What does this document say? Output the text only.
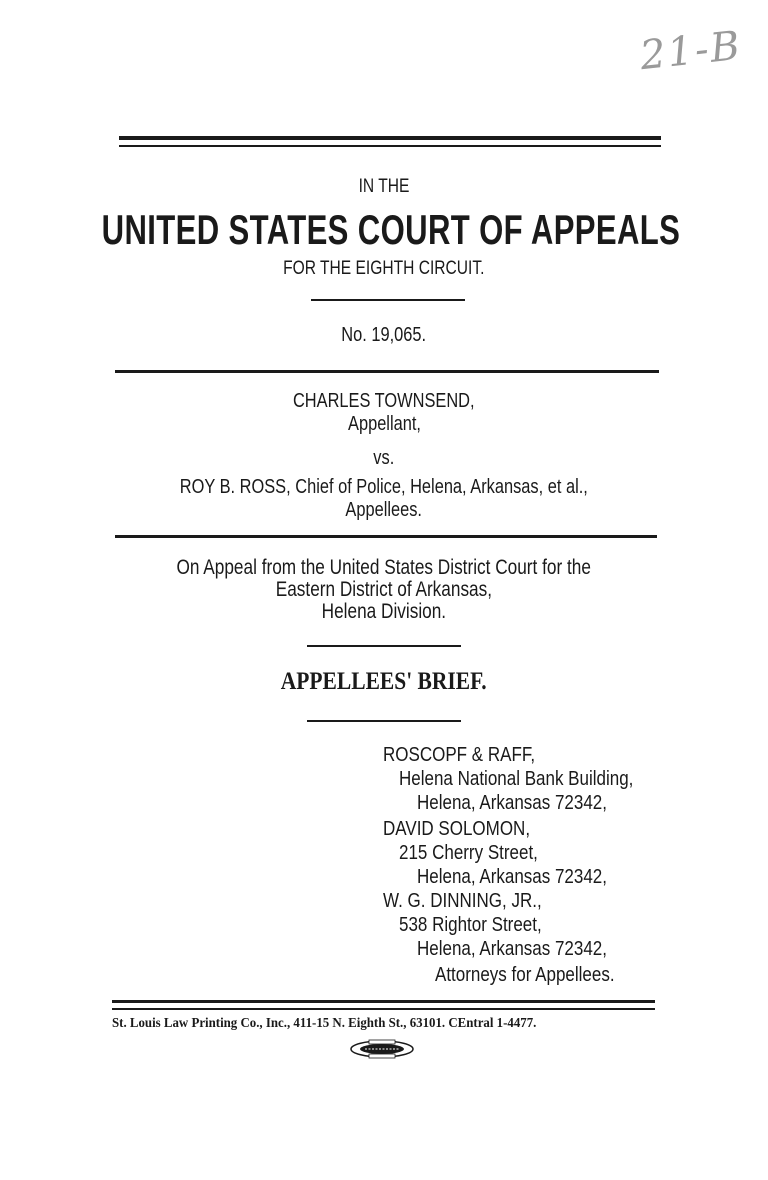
21-B
IN THE
UNITED STATES COURT OF APPEALS
FOR THE EIGHTH CIRCUIT.
No. 19,065.
CHARLES TOWNSEND,
Appellant,
vs.
ROY B. ROSS, Chief of Police, Helena, Arkansas, et al.,
Appellees.
On Appeal from the United States District Court for the
Eastern District of Arkansas,
Helena Division.
APPELLEES' BRIEF.
ROSCOPF & RAFF,
Helena National Bank Building,
Helena, Arkansas 72342,
DAVID SOLOMON,
215 Cherry Street,
Helena, Arkansas 72342,
W. G. DINNING, JR.,
538 Rightor Street,
Helena, Arkansas 72342,
Attorneys for Appellees.
St. Louis Law Printing Co., Inc., 411-15 N. Eighth St., 63101. CEntral 1-4477.
